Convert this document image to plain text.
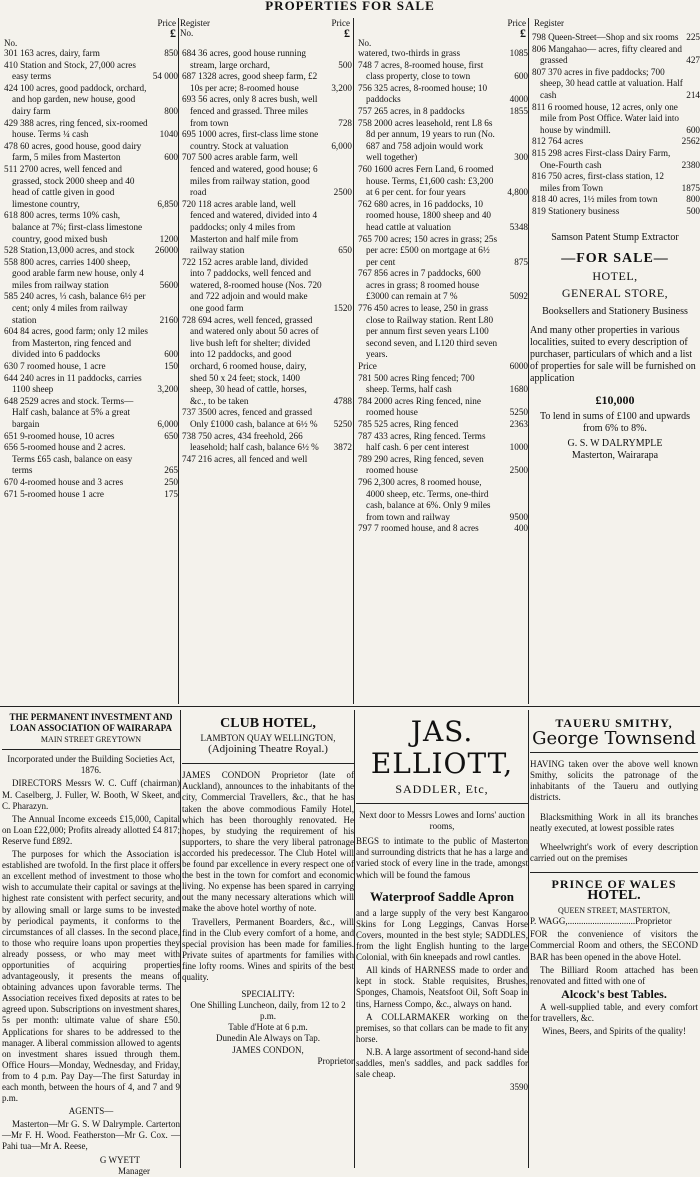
PROPERTIES FOR SALE
No.
Price
£
301 163 acres, dairy, farm	850
410 Station and Stock, 27,000 acres easy terms	54 000
424 100 acres, good paddock, orchard, and hop garden, new house, good dairy farm	800
429 388 acres, ring fenced, six-roomed house. Terms ¼ cash	1040
478 60 acres, good house, good dairy farm, 5 miles from Masterton	600
511 2700 acres, well fenced and grassed, stock 2000 sheep and 40 head of cattle given in good limestone country,	6,850
618 800 acres, terms 10% cash, balance at 7%; first-class limestone country, good mixed bush	1200
528 Station,13,000 acres, and stock 26000
558 800 acres, carries 1400 sheep, good arable farm new house, only 4 miles from railway station	5600
585 240 acres, ⅓ cash, balance 6½ per cent; only 4 miles from railway station	2160
604 84 acres, good farm; only 12 miles from Masterton, ring fenced and divided into 6 paddocks	600
630 7 roomed house, 1 acre	150
644 240 acres in 11 paddocks, carries 1100 sheep	3,200
648 2529 acres and stock. Terms—Half cash, balance at 5% a great bargain	6,000
651 9-roomed house, 10 acres	650
656 5-roomed house and 2 acres. Terms £65 cash, balance on easy terms	265
670 4-roomed house and 3 acres	250
671 5-roomed house 1 acre	175
Register
No.
Price
£
684 36 acres, good house running stream, large orchard,	500
687 1328 acres, good sheep farm, £2 10s per acre; 8-roomed house	3,200
693 56 acres, only 8 acres bush, well fenced and grassed. Three miles from town	728
695 1000 acres, first-class lime stone country. Stock at valuation	6,000
707 500 acres arable farm, well fenced and watered, good house; 6 miles from railway station, good road	2500
720 118 acres arable land, well fenced and watered, divided into 4 paddocks; only 4 miles from Masterton and half mile from railway station	650
722 152 acres arable land, divided into 7 paddocks, well fenced and watered, 8-roomed house (Nos. 720 and 722 adjoin and would make one good farm	1520
728 694 acres, well fenced, grassed and watered only about 50 acres of live bush left for shelter; divided into 12 paddocks, and good orchard, 6 roomed house, dairy, shed 50 x 24 feet; stock, 1400 sheep, 30 head of cattle, horses, &c., to be taken	4788
737 3500 acres, fenced and grassed Only £1000 cash, balance at 6½ % 5250
738 750 acres, 434 freehold, 266 leasehold; half cash, balance 6½ % 3872
747 216 acres, all fenced and well
No.
Price
£
watered, two-thirds in grass	1085
748 7 acres, 8-roomed house, first class property, close to town	600
756 325 acres, 8-roomed house; 10 paddocks	4000
757 265 acres, in 8 paddocks	1855
758 2000 acres leasehold, rent L8 6s 8d per annum, 19 years to run (No. 687 and 758 adjoin would work well together)	300
760 1600 acres Fern Land, 6 roomed house. Terms, £1,600 cash: £3,200 at 6 per cent. for four years	4,800
762 680 acres, in 16 paddocks, 10 roomed house, 1800 sheep and 40 head cattle at valuation	5348
765 700 acres; 150 acres in grass; 25s per acre: £500 on mortgage at 6½ per cent	875
767 856 acres in 7 paddocks, 600 acres in grass; 8 roomed house £3000 can remain at 7 %	5092
776 450 acres to lease, 250 in grass close to Railway station. Rent L80 per annum first seven years L100 second seven, and L120 third seven years.
Price	6000
781 500 acres Ring fenced; 700 sheep. Terms, half cash	1680
784 2000 acres Ring fenced, nine roomed house	5250
785 525 acres, Ring fenced	2363
787 433 acres, Ring fenced. Terms half cash. 6 per cent interest	1000
789 290 acres, Ring fenced, seven roomed house	2500
796 2,300 acres, 8 roomed house, 4000 sheep, etc. Terms, one-third cash, balance at 6%. Only 9 miles from town and railway	9500
797 7 roomed house, and 8 acres	400
Register
798 Queen-Street—Shop and six rooms 225
806 Mangahao— acres, fifty cleared and grassed	427
807 370 acres in five paddocks; 700 sheep, 30 head cattle at valuation. Half cash	214
811 6 roomed house, 12 acres, only one mile from Post Office. Water laid into house by windmill.	600
812 764 acres	2562
815 298 acres First-class Dairy Farm, One-Fourth cash	2380
816 750 acres, first-class station, 12 miles from Town	1875
818 40 acres, 1½ miles from town	800
819 Stationery business	500
Samson Patent Stump Extractor
—FOR SALE—
HOTEL,
GENERAL STORE,
Booksellers and Stationery Business
And many other properties in various localities, suited to every description of purchaser, particulars of which and a list of properties for sale will be furnished on application
£10,000
To lend in sums of £100 and upwards from 6% to 8%.
G. S. W DALRYMPLE
Masterton, Wairarapa
THE PERMANENT INVESTMENT AND
LOAN ASSOCIATION OF WAIRARAPA
MAIN STREET GREYTOWN
Incorporated under the Building Societies Act, 1876.
DIRECTORS Messrs W. C. Cuff (chairman) M. Caselberg, J. Fuller, W. Booth, W Skeet, and C. Pharazyn.
The Annual Income exceeds £15,000, Capital on Loan £22,000; Profits already allotted £4 817; Reserve fund £892.
The purposes for which the Association is established are twofold. In the first place it offers an excellent method of investment to those who wish to accumulate their capital or savings at the highest rate consistent with perfect security, and by allowing small or large sums to be invested by periodical payments, it conforms to the circumstances of all classes. In the second place, to those who require loans upon properties they already possess, or who may meet with opportunities of acquiring properties advantageously, it presents the means of obtaining advances upon favorable terms. The Association receives fixed deposits at rates to be agreed upon. Subscriptions on investment shares, 5s per month: ultimate value of share £50. Applications for shares to be addressed to the manager. A liberal commission allowed to agents on investment shares issued through them. Office Hours—Monday, Wednesday, and Friday, from to 4 p.m. Pay Day—The first Saturday in each month, between the hours of 4, and 7 and 9 p.m.
AGENTS—
Masterton—Mr G. S. W Dalrymple. Carterton—Mr F. H. Wood. Featherston—Mr G. Cox. — Pahi tua—Mr A. Reese,
G WYETT
Manager
CLUB HOTEL,
LAMBTON QUAY WELLINGTON,
(Adjoining Theatre Royal.)
JAMES CONDON Proprietor (late of Auckland), announces to the inhabitants of the city, Commercial Travellers, &c., that he has taken the above commodious Family Hotel, which has been thoroughly renovated. He hopes, by studying the requirement of his supporters, to share the very liberal patronage accorded his predecessor. The Club Hotel will be found par excellence in every respect one of the best in the town for comfort and economic living. No expense has been spared in carrying out the many necessary alterations which will make the above hotel worthy of note.
Travellers, Permanent Boarders, &c., will find in the Club every comfort of a home, and special provision has been made for families. Private suites of apartments for families with fine lofty rooms. Wines and spirits of the best quality.
SPECIALITY:
One Shilling Luncheon, daily, from 12 to 2 p.m.
Table d'Hote at 6 p.m.
Dunedin Ale Always on Tap.
JAMES CONDON,
Proprietor
JAS. ELLIOTT,
SADDLER, Etc,
Next door to Messrs Lowes and Iorns' auction rooms,
BEGS to intimate to the public of Masterton and surrounding districts that he has a large and varied stock of every line in the trade, amongst which will be found the famous
Waterproof Saddle Apron
and a large supply of the very best Kangaroo Skins for Long Leggings, Canvas Horse Covers, mounted in the best style; SADDLES, from the light English hunting to the large Colonial, with 6in kneepads and rowl cantles.
All kinds of HARNESS made to order and kept in stock. Stable requisites, Brushes, Sponges, Chamois, Neatsfoot Oil, Soft Soap in tins, Harness Compo, &c., always on hand.
A COLLARMAKER working on the premises, so that collars can be made to fit any horse.
N.B. A large assortment of second-hand side saddles, men's saddles, and pack saddles for sale cheap.
3590
TAUERU SMITHY,
George Townsend
HAVING taken over the above well known Smithy, solicits the patronage of the inhabitants of the Taueru and outlying districts.
Blacksmithing Work in all its branches neatly executed, at lowest possible rates
Wheelwright's work of every description carried out on the premises
PRINCE OF WALES
HOTEL.
QUEEN STREET, MASTERTON,
P. WAGG,..............................Proprietor
FOR the convenience of visitors the Commercial Room and others, the SECOND BAR has been opened in the above Hotel.
The Billiard Room attached has been renovated and fitted with one of
Alcock's best Tables.
A well-supplied table, and every comfort for travellers, &c.
Wines, Beers, and Spirits of the quality!
